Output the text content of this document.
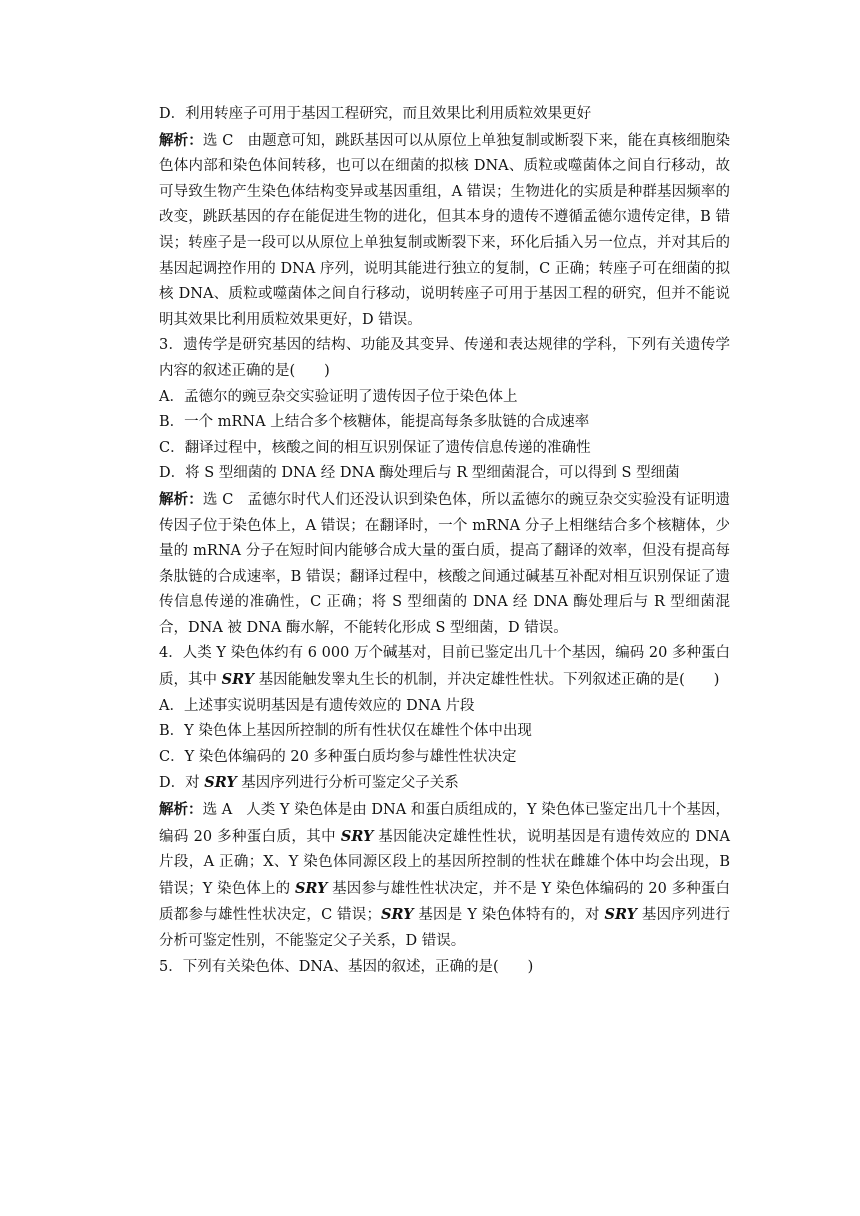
D．利用转座子可用于基因工程研究，而且效果比利用质粒效果更好

解析：选 C 由题意可知，跳跃基因可以从原位上单独复制或断裂下来，能在真核细胞染色体内部和染色体间转移，也可以在细菌的拟核 DNA、质粒或噬菌体之间自行移动，故可导致生物产生染色体结构变异或基因重组，A 错误；生物进化的实质是种群基因频率的改变，跳跃基因的存在能促进生物的进化，但其本身的遗传不遵循孟德尔遗传定律，B 错误；转座子是一段可以从原位上单独复制或断裂下来，环化后插入另一位点，并对其后的基因起调控作用的 DNA 序列，说明其能进行独立的复制，C 正确；转座子可在细菌的拟核 DNA、质粒或噬菌体之间自行移动，说明转座子可用于基因工程的研究，但并不能说明其效果比利用质粒效果更好，D 错误。

3．遗传学是研究基因的结构、功能及其变异、传递和表达规律的学科，下列有关遗传学内容的叙述正确的是(　　)

A．孟德尔的豌豆杂交实验证明了遗传因子位于染色体上

B．一个 mRNA 上结合多个核糖体，能提高每条多肽链的合成速率

C．翻译过程中，核酸之间的相互识别保证了遗传信息传递的准确性

D．将 S 型细菌的 DNA 经 DNA 酶处理后与 R 型细菌混合，可以得到 S 型细菌

解析：选 C 孟德尔时代人们还没认识到染色体，所以孟德尔的豌豆杂交实验没有证明遗传因子位于染色体上，A 错误；在翻译时，一个 mRNA 分子上相继结合多个核糖体，少量的 mRNA 分子在短时间内能够合成大量的蛋白质，提高了翻译的效率，但没有提高每条肽链的合成速率，B 错误；翻译过程中，核酸之间通过碱基互补配对相互识别保证了遗传信息传递的准确性，C 正确；将 S 型细菌的 DNA 经 DNA 酶处理后与 R 型细菌混合，DNA 被 DNA 酶水解，不能转化形成 S 型细菌，D 错误。

4．人类 Y 染色体约有 6 000 万个碱基对，目前已鉴定出几十个基因，编码 20 多种蛋白质，其中 SRY 基因能触发睾丸生长的机制，并决定雄性性状。下列叙述正确的是(　　)

A．上述事实说明基因是有遗传效应的 DNA 片段

B．Y 染色体上基因所控制的所有性状仅在雄性个体中出现

C．Y 染色体编码的 20 多种蛋白质均参与雄性性状决定

D．对 SRY 基因序列进行分析可鉴定父子关系

解析：选 A 人类 Y 染色体是由 DNA 和蛋白质组成的，Y 染色体已鉴定出几十个基因，编码 20 多种蛋白质，其中 SRY 基因能决定雄性性状，说明基因是有遗传效应的 DNA 片段，A 正确；X、Y 染色体同源区段上的基因所控制的性状在雌雄个体中均会出现，B 错误；Y 染色体上的 SRY 基因参与雄性性状决定，并不是 Y 染色体编码的 20 多种蛋白质都参与雄性性状决定，C 错误；SRY 基因是 Y 染色体特有的，对 SRY 基因序列进行分析可鉴定性别，不能鉴定父子关系，D 错误。

5．下列有关染色体、DNA、基因的叙述，正确的是(　　)
